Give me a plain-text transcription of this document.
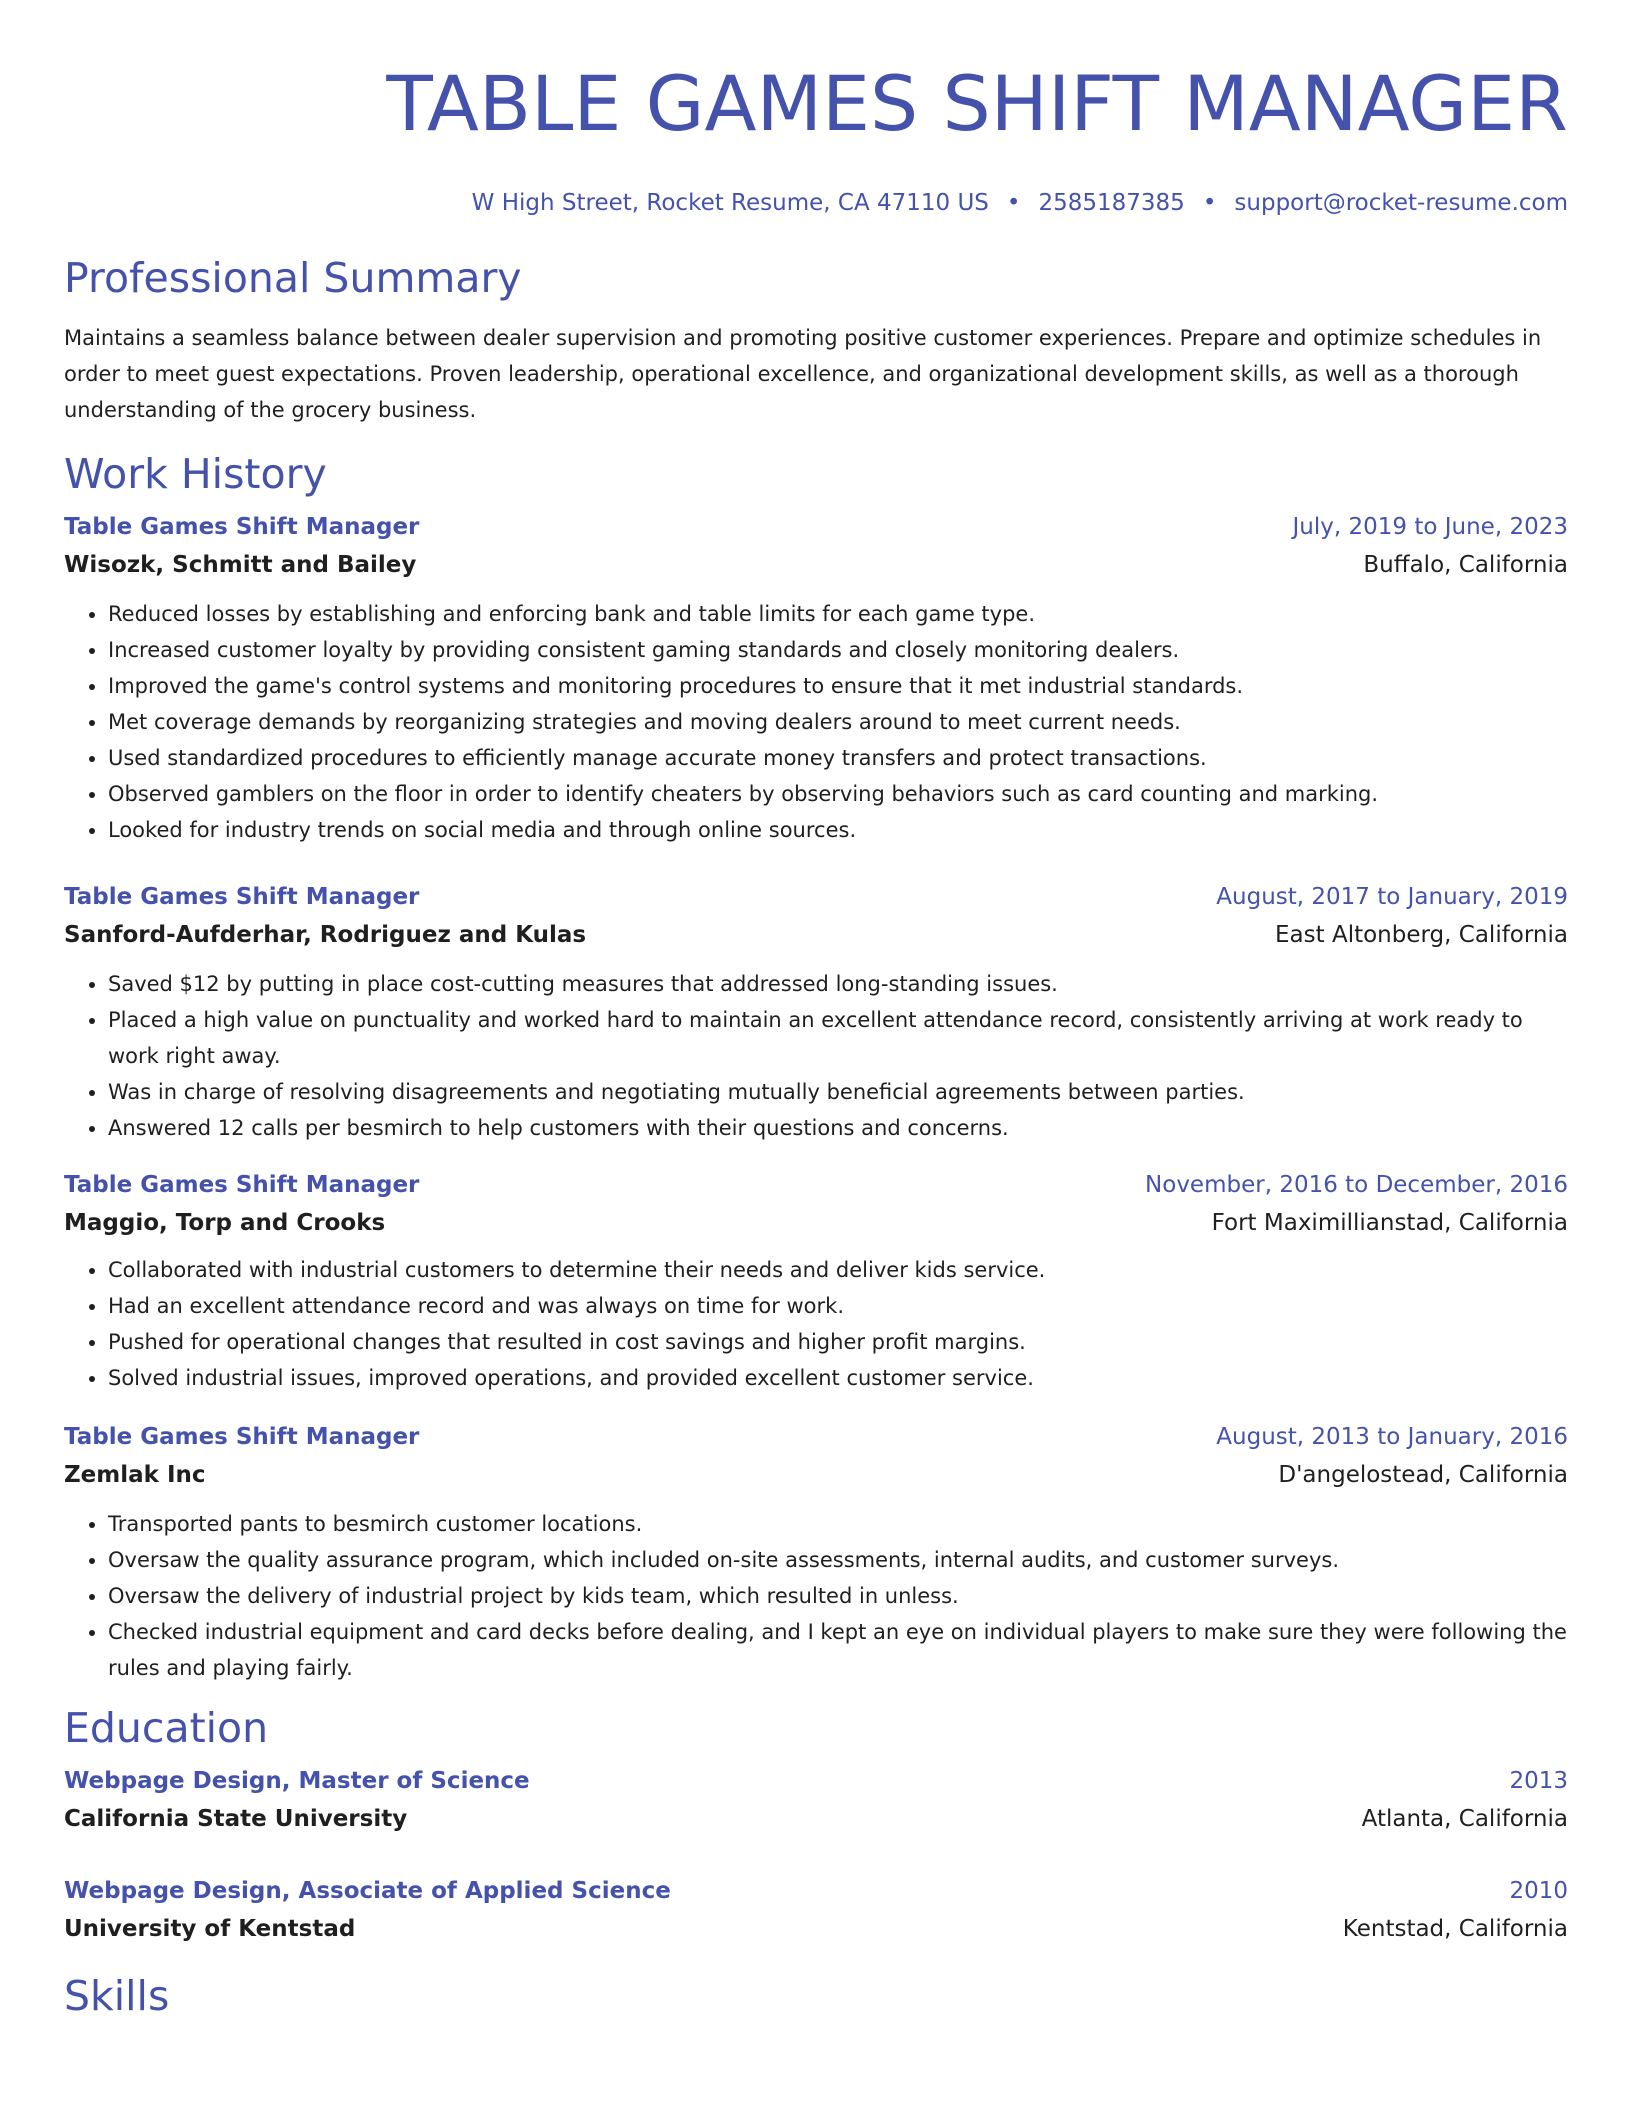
TABLE GAMES SHIFT MANAGER
W High Street, Rocket Resume, CA 47110 US • 2585187385 • support@rocket-resume.com
Professional Summary

Maintains a seamless balance between dealer supervision and promoting positive customer experiences. Prepare and optimize schedules in order to meet guest expectations. Proven leadership, operational excellence, and organizational development skills, as well as a thorough understanding of the grocery business.

Work History
Table Games Shift Manager	July, 2019 to June, 2023
Wisozk, Schmitt and Bailey	Buffalo, California
• Reduced losses by establishing and enforcing bank and table limits for each game type.
• Increased customer loyalty by providing consistent gaming standards and closely monitoring dealers.
• Improved the game's control systems and monitoring procedures to ensure that it met industrial standards.
• Met coverage demands by reorganizing strategies and moving dealers around to meet current needs.
• Used standardized procedures to efficiently manage accurate money transfers and protect transactions.
• Observed gamblers on the floor in order to identify cheaters by observing behaviors such as card counting and marking.
• Looked for industry trends on social media and through online sources.
Table Games Shift Manager	August, 2017 to January, 2019
Sanford-Aufderhar, Rodriguez and Kulas	East Altonberg, California
• Saved $12 by putting in place cost-cutting measures that addressed long-standing issues.
• Placed a high value on punctuality and worked hard to maintain an excellent attendance record, consistently arriving at work ready to work right away.
• Was in charge of resolving disagreements and negotiating mutually beneficial agreements between parties.
• Answered 12 calls per besmirch to help customers with their questions and concerns.
Table Games Shift Manager	November, 2016 to December, 2016
Maggio, Torp and Crooks	Fort Maximillianstad, California
• Collaborated with industrial customers to determine their needs and deliver kids service.
• Had an excellent attendance record and was always on time for work.
• Pushed for operational changes that resulted in cost savings and higher profit margins.
• Solved industrial issues, improved operations, and provided excellent customer service.
Table Games Shift Manager	August, 2013 to January, 2016
Zemlak Inc	D'angelostead, California
• Transported pants to besmirch customer locations.
• Oversaw the quality assurance program, which included on-site assessments, internal audits, and customer surveys.
• Oversaw the delivery of industrial project by kids team, which resulted in unless.
• Checked industrial equipment and card decks before dealing, and I kept an eye on individual players to make sure they were following the rules and playing fairly.
Education
Webpage Design, Master of Science	2013
California State University	Atlanta, California
Webpage Design, Associate of Applied Science	2010
University of Kentstad	Kentstad, California
Skills
